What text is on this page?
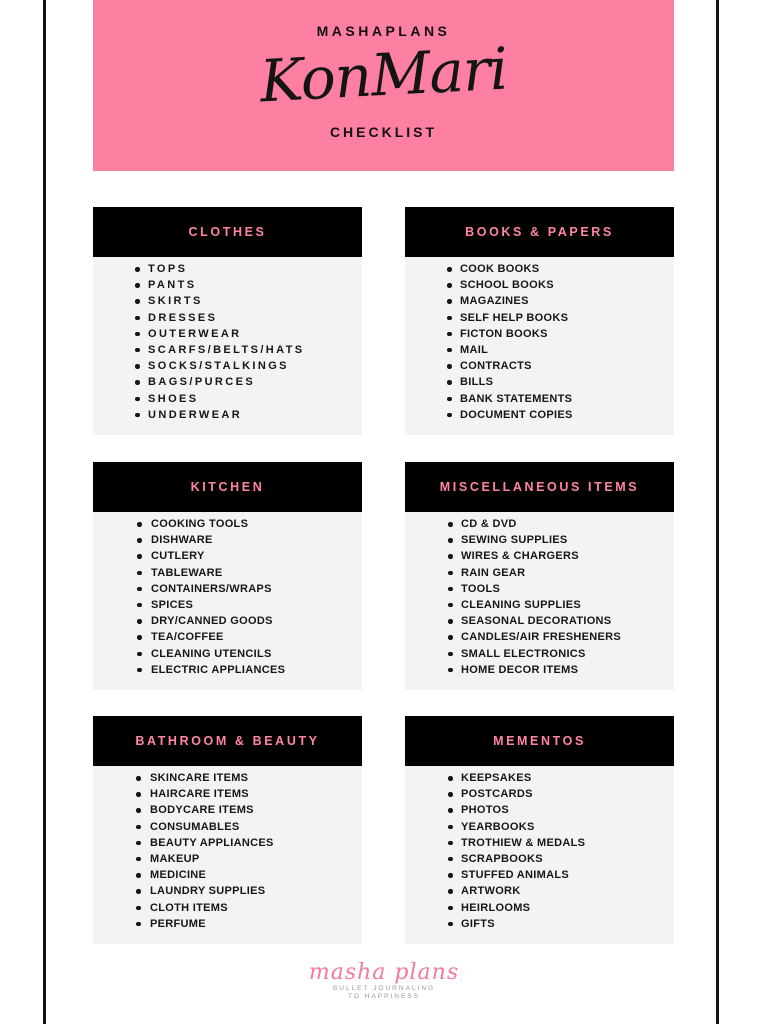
MASHAPLANS
KonMari
CHECKLIST
CLOTHES
TOPS
PANTS
SKIRTS
DRESSES
OUTERWEAR
SCARFS/BELTS/HATS
SOCKS/STALKINGS
BAGS/PURCES
SHOES
UNDERWEAR
BOOKS & PAPERS
COOK BOOKS
SCHOOL BOOKS
MAGAZINES
SELF HELP BOOKS
FICTON BOOKS
MAIL
CONTRACTS
BILLS
BANK STATEMENTS
DOCUMENT COPIES
KITCHEN
COOKING TOOLS
DISHWARE
CUTLERY
TABLEWARE
CONTAINERS/WRAPS
SPICES
DRY/CANNED GOODS
TEA/COFFEE
CLEANING UTENCILS
ELECTRIC APPLIANCES
MISCELLANEOUS ITEMS
CD & DVD
SEWING SUPPLIES
WIRES & CHARGERS
RAIN GEAR
TOOLS
CLEANING SUPPLIES
SEASONAL DECORATIONS
CANDLES/AIR FRESHENERS
SMALL ELECTRONICS
HOME DECOR ITEMS
BATHROOM & BEAUTY
SKINCARE ITEMS
HAIRCARE ITEMS
BODYCARE ITEMS
CONSUMABLES
BEAUTY APPLIANCES
MAKEUP
MEDICINE
LAUNDRY SUPPLIES
CLOTH ITEMS
PERFUME
MEMENTOS
KEEPSAKES
POSTCARDS
PHOTOS
YEARBOOKS
TROTHIEW & MEDALS
SCRAPBOOKS
STUFFED ANIMALS
ARTWORK
HEIRLOOMS
GIFTS
masha plans
BULLET JOURNALING
TO HAPPINESS
